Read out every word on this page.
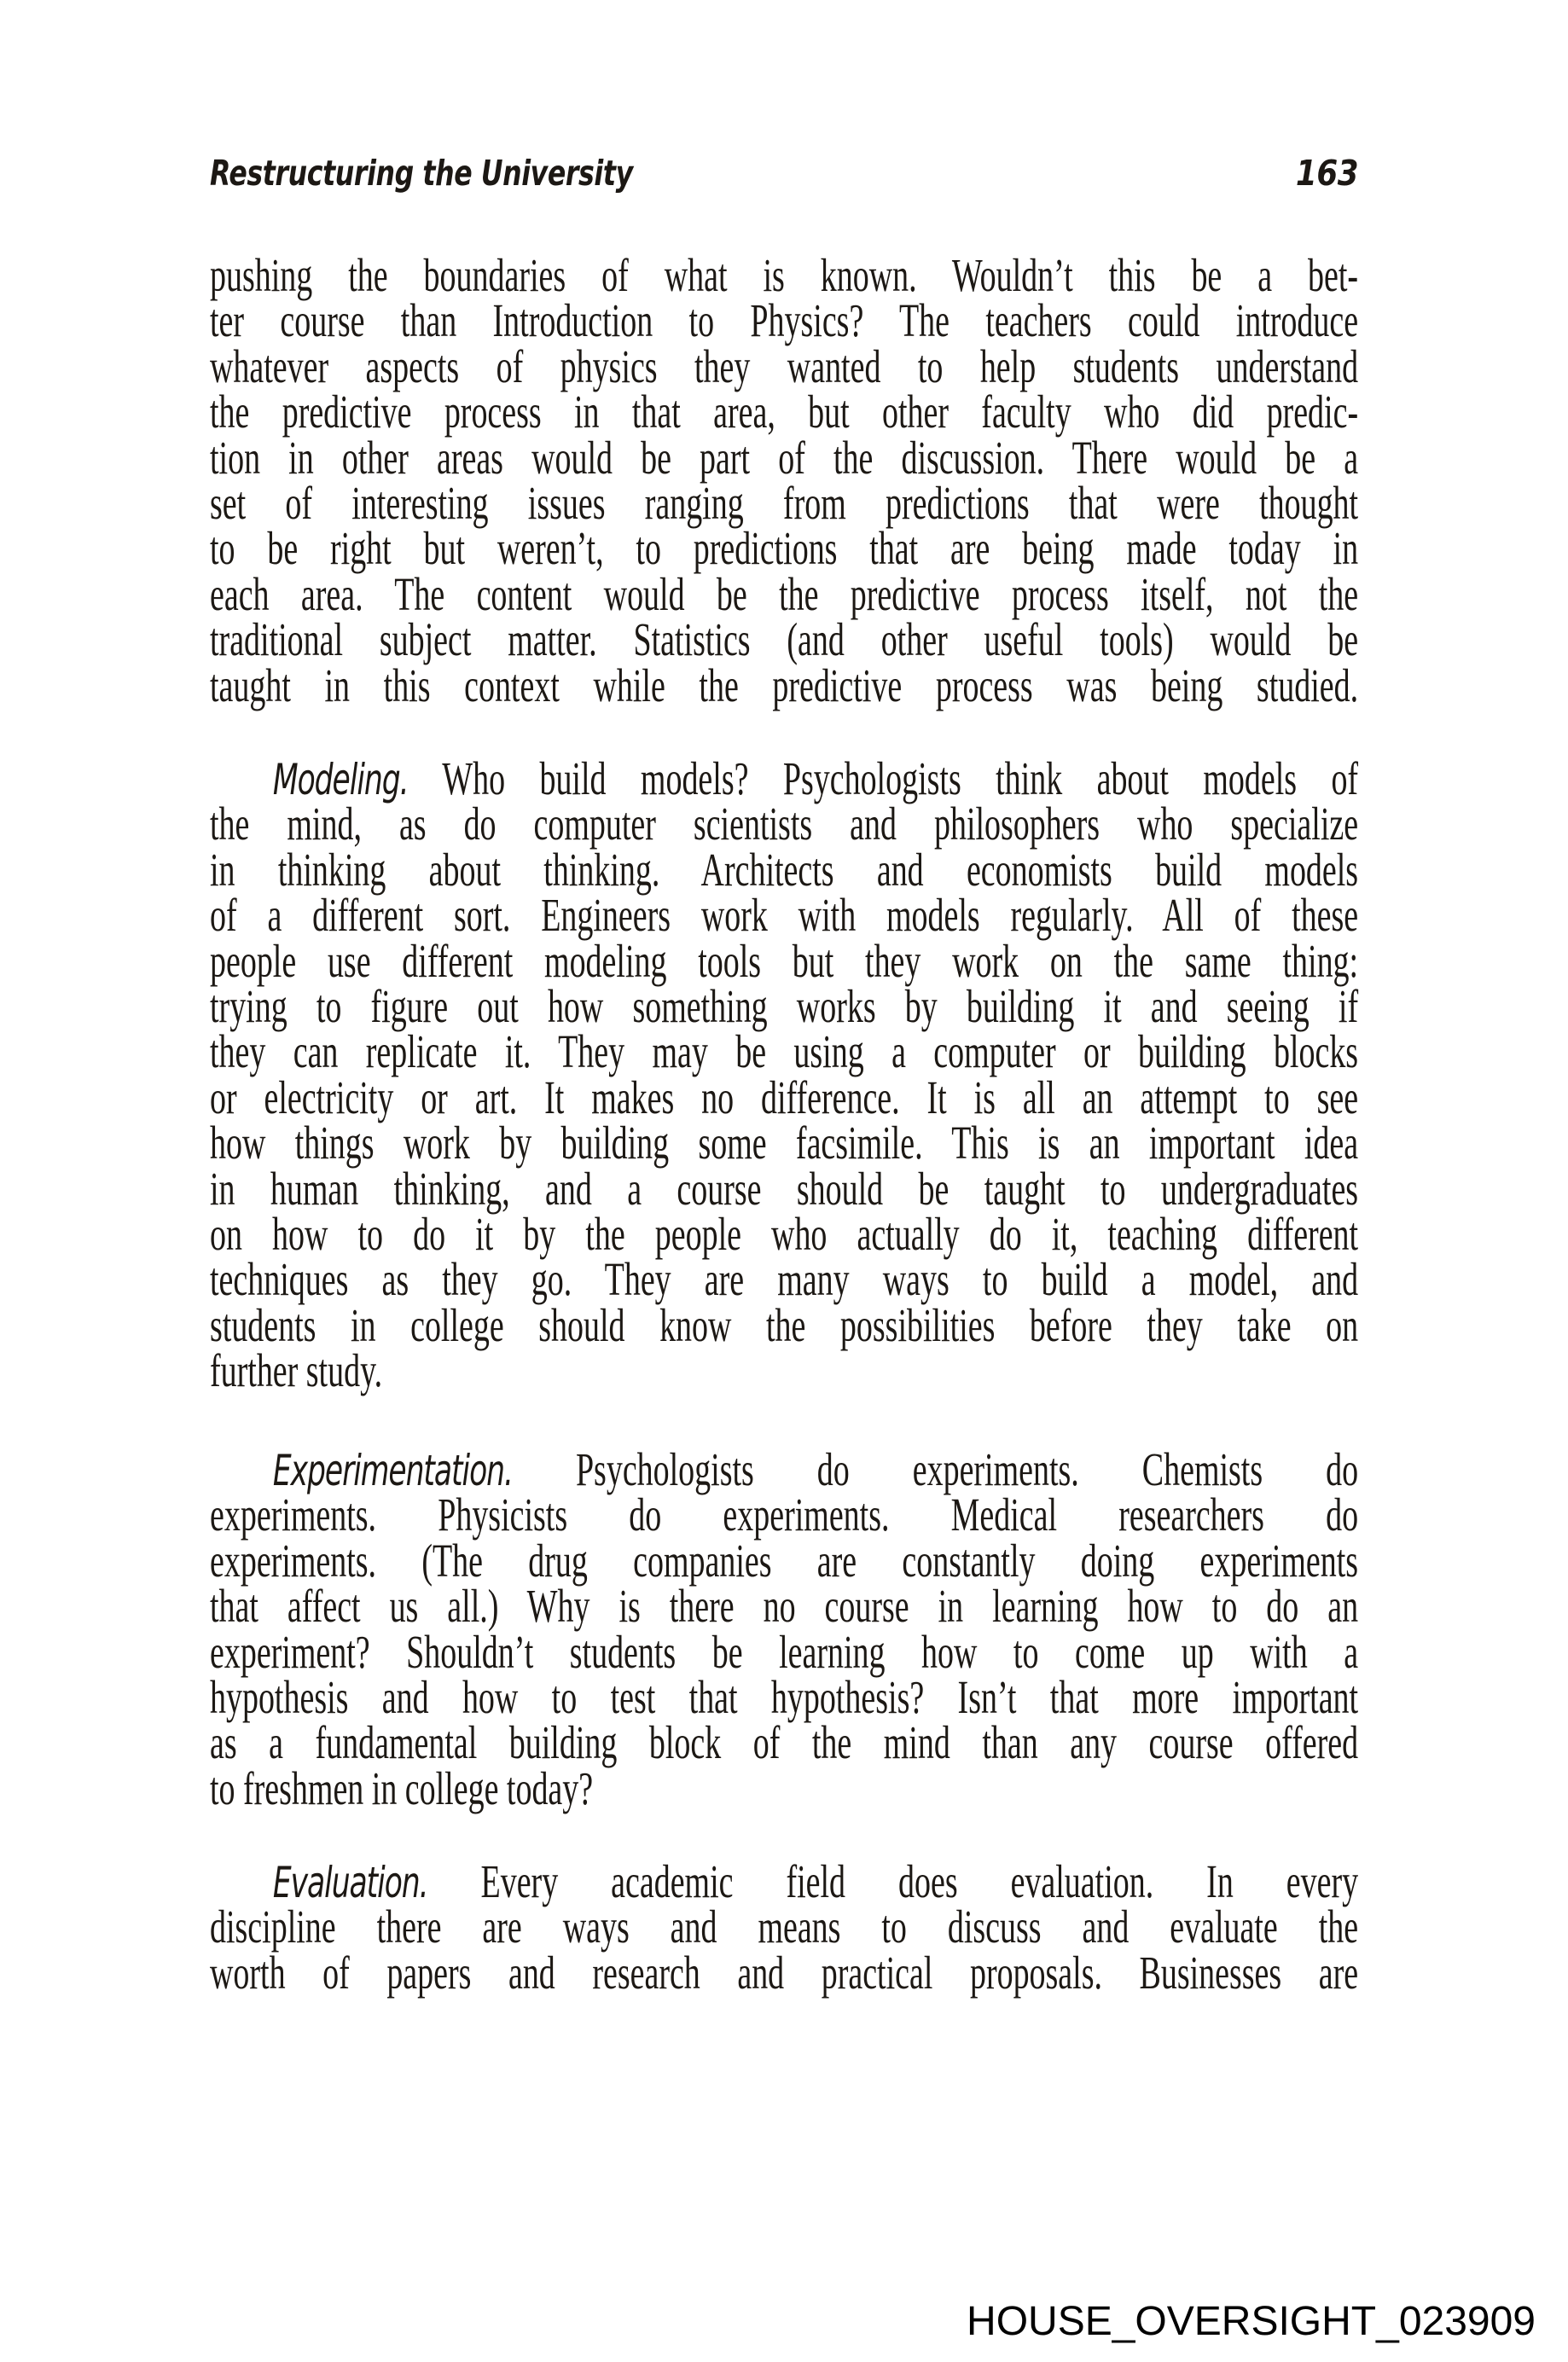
Restructuring the University	163
pushing the boundaries of what is known. Wouldn’t this be a bet-
ter course than Introduction to Physics? The teachers could introduce
whatever aspects of physics they wanted to help students understand
the predictive process in that area, but other faculty who did predic-
tion in other areas would be part of the discussion. There would be a
set of interesting issues ranging from predictions that were thought
to be right but weren’t, to predictions that are being made today in
each area. The content would be the predictive process itself, not the
traditional subject matter. Statistics (and other useful tools) would be
taught in this context while the predictive process was being studied.
Modeling. Who build models? Psychologists think about models of
the mind, as do computer scientists and philosophers who specialize
in thinking about thinking. Architects and economists build models
of a different sort. Engineers work with models regularly. All of these
people use different modeling tools but they work on the same thing:
trying to figure out how something works by building it and seeing if
they can replicate it. They may be using a computer or building blocks
or electricity or art. It makes no difference. It is all an attempt to see
how things work by building some facsimile. This is an important idea
in human thinking, and a course should be taught to undergraduates
on how to do it by the people who actually do it, teaching different
techniques as they go. They are many ways to build a model, and
students in college should know the possibilities before they take on
further study.
Experimentation. Psychologists do experiments. Chemists do
experiments. Physicists do experiments. Medical researchers do
experiments. (The drug companies are constantly doing experiments
that affect us all.) Why is there no course in learning how to do an
experiment? Shouldn’t students be learning how to come up with a
hypothesis and how to test that hypothesis? Isn’t that more important
as a fundamental building block of the mind than any course offered
to freshmen in college today?
Evaluation. Every academic field does evaluation. In every
discipline there are ways and means to discuss and evaluate the
worth of papers and research and practical proposals. Businesses are
HOUSE_OVERSIGHT_023909
